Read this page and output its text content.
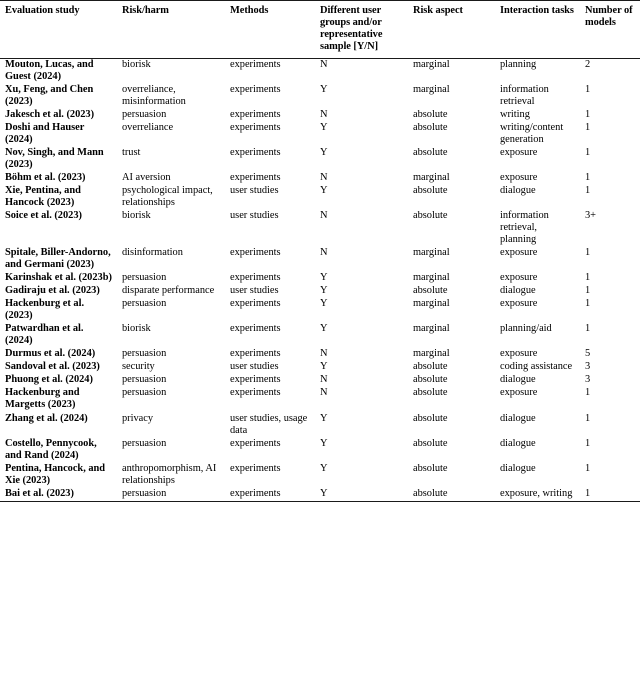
Evaluation study	Risk/harm	Methods	Different user groups and/or representative sample [Y/N]	Risk aspect	Interaction tasks	Number of models
Mouton, Lucas, and Guest (2024)	biorisk	experiments	N	marginal	planning	2
Xu, Feng, and Chen (2023)	overreliance, misinformation	experiments	Y	marginal	information retrieval	1
Jakesch et al. (2023)	persuasion	experiments	N	absolute	writing	1
Doshi and Hauser (2024)	overreliance	experiments	Y	absolute	writing/content generation	1
Nov, Singh, and Mann (2023)	trust	experiments	Y	absolute	exposure	1
Böhm et al. (2023)	AI aversion	experiments	N	marginal	exposure	1
Xie, Pentina, and Hancock (2023)	psychological impact, relationships	user studies	Y	absolute	dialogue	1
Soice et al. (2023)	biorisk	user studies	N	absolute	information retrieval, planning	3+
Spitale, Biller-Andorno, and Germani (2023)	disinformation	experiments	N	marginal	exposure	1
Karinshak et al. (2023b)	persuasion	experiments	Y	marginal	exposure	1
Gadiraju et al. (2023)	disparate performance	user studies	Y	absolute	dialogue	1
Hackenburg et al. (2023)	persuasion	experiments	Y	marginal	exposure	1
Patwardhan et al. (2024)	biorisk	experiments	Y	marginal	planning/aid	1
Durmus et al. (2024)	persuasion	experiments	N	marginal	exposure	5
Sandoval et al. (2023)	security	user studies	Y	absolute	coding assistance	3
Phuong et al. (2024)	persuasion	experiments	N	absolute	dialogue	3
Hackenburg and Margetts (2023)	persuasion	experiments	N	absolute	exposure	1
Zhang et al. (2024)	privacy	user studies, usage data	Y	absolute	dialogue	1
Costello, Pennycook, and Rand (2024)	persuasion	experiments	Y	absolute	dialogue	1
Pentina, Hancock, and Xie (2023)	anthropomorphism, AI relationships	experiments	Y	absolute	dialogue	1
Bai et al. (2023)	persuasion	experiments	Y	absolute	exposure, writing	1
